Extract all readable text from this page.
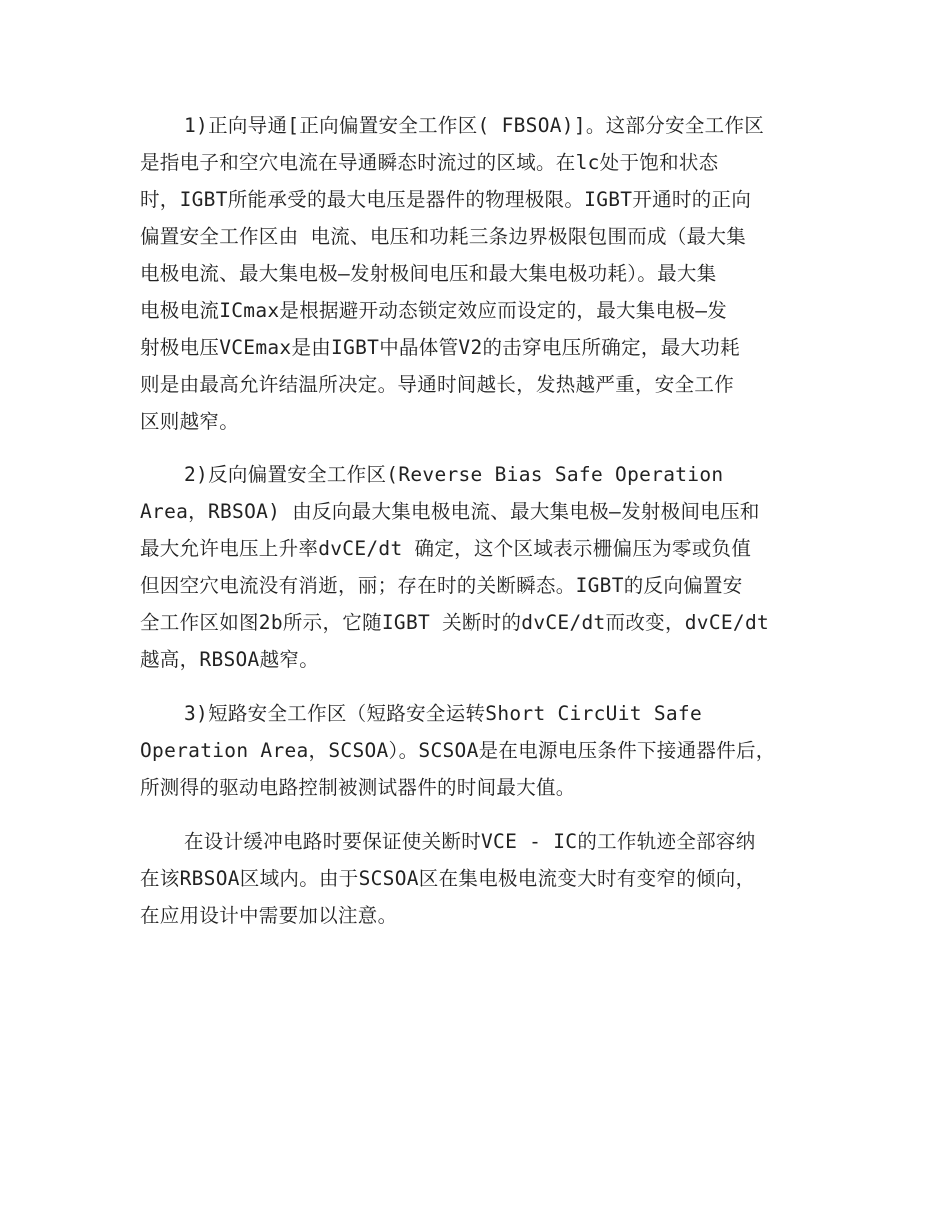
1)正向导通[正向偏置安全工作区( FBSOA)]。这部分安全工作区
是指电子和空穴电流在导通瞬态时流过的区域。在lc处于饱和状态
时，IGBT所能承受的最大电压是器件的物理极限。IGBT开通时的正向
偏置安全工作区由 电流、电压和功耗三条边界极限包围而成（最大集
电极电流、最大集电极—发射极间电压和最大集电极功耗）。最大集
电极电流ICmax是根据避开动态锁定效应而设定的，最大集电极—发
射极电压VCEmax是由IGBT中晶体管V2的击穿电压所确定，最大功耗
则是由最高允许结温所决定。导通时间越长，发热越严重，安全工作
区则越窄。
2)反向偏置安全工作区(Reverse Bias Safe Operation
Area，RBSOA) 由反向最大集电极电流、最大集电极—发射极间电压和
最大允许电压上升率dvCE/dt 确定，这个区域表示栅偏压为零或负值
但因空穴电流没有消逝，丽；存在时的关断瞬态。IGBT的反向偏置安
全工作区如图2b所示，它随IGBT 关断时的dvCE/dt而改变，dvCE/dt
越高，RBSOA越窄。
3)短路安全工作区（短路安全运转Short CircUit Safe
Operation Area，SCSOA）。SCSOA是在电源电压条件下接通器件后，
所测得的驱动电路控制被测试器件的时间最大值。
在设计缓冲电路时要保证使关断时VCE - IC的工作轨迹全部容纳
在该RBSOA区域内。由于SCSOA区在集电极电流变大时有变窄的倾向，
在应用设计中需要加以注意。
